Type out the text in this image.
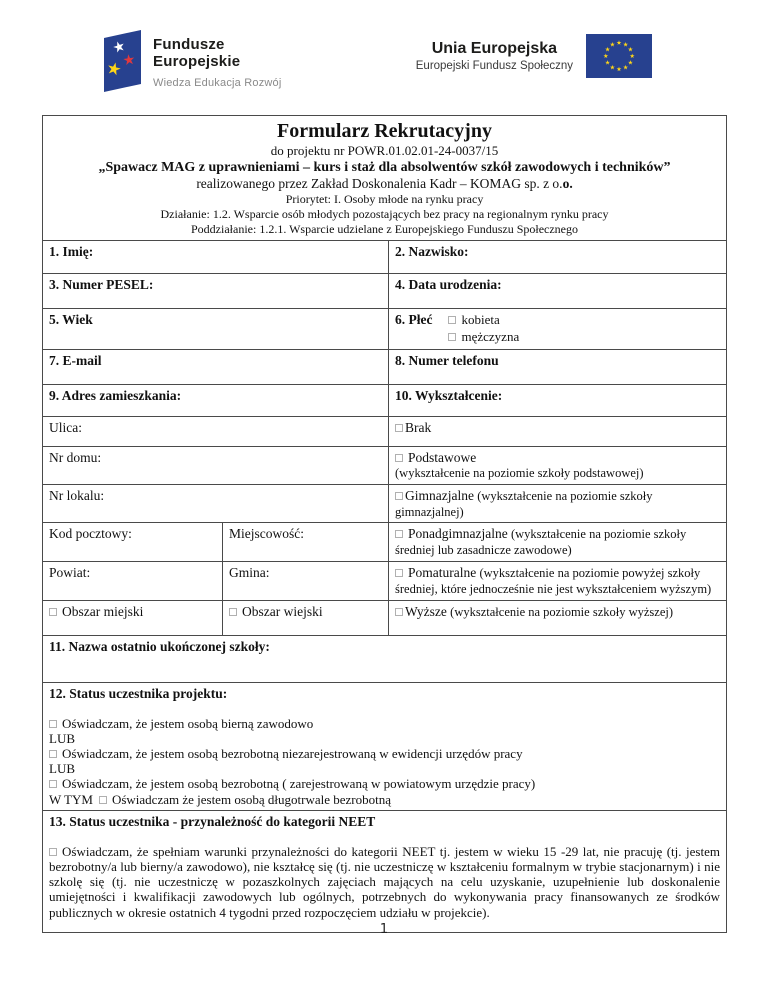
Fundusze
Europejskie
Wiedza Edukacja Rozwój
Unia Europejska
Europejski Fundusz Społeczny
Formularz Rekrutacyjny
do projektu nr POWR.01.02.01-24-0037/15
„Spawacz MAG z uprawnieniami – kurs i staż dla absolwentów szkół zawodowych i techników”
realizowanego przez Zakład Doskonalenia Kadr – KOMAG sp. z o.o.
Priorytet: I. Osoby młode na rynku pracy
Działanie: 1.2. Wsparcie osób młodych pozostających bez pracy na regionalnym rynku pracy
Poddziałanie: 1.2.1. Wsparcie udzielane z Europejskiego Funduszu Społecznego

1. Imię:		2. Nazwisko:
3. Numer PESEL:		4. Data urodzenia:
5. Wiek		6. Płeć kobieta
mężczyzna

7. E-mail		8. Numer telefonu
9. Adres zamieszkania:		10. Wykształcenie:
Ulica:		Brak
Nr domu:		Podstawowe
(wykształcenie na poziomie szkoły podstawowej)

Nr lokalu:		Gimnazjalne (wykształcenie na poziomie szkoły gimnazjalnej)
Kod pocztowy:	Miejscowość:	Ponadgimnazjalne (wykształcenie na poziomie szkoły średniej lub zasadnicze zawodowe)
Powiat:	Gmina:	Pomaturalne (wykształcenie na poziomie powyżej szkoły średniej, które jednocześnie nie jest wykształceniem wyższym)
Obszar miejski	Obszar wiejski	Wyższe (wykształcenie na poziomie szkoły wyższej)
11. Nazwa ostatnio ukończonej szkoły:		

12. Status uczestnika projektu:
Oświadczam, że jestem osobą bierną zawodowo
LUB
Oświadczam, że jestem osobą bezrobotną niezarejestrowaną w ewidencji urzędów pracy
LUB
Oświadczam, że jestem osobą bezrobotną ( zarejestrowaną w powiatowym urzędzie pracy)
W TYM Oświadczam że jestem osobą długotrwale bezrobotną

13. Status uczestnika - przynależność do kategorii NEET
Oświadczam, że spełniam warunki przynależności do kategorii NEET tj. jestem w wieku 15 -29 lat, nie pracuję (tj. jestem bezrobotny/a lub bierny/a zawodowo), nie kształcę się (tj. nie uczestniczę w kształceniu formalnym w trybie stacjonarnym) i nie szkolę się (tj. nie uczestniczę w pozaszkolnych zajęciach mających na celu uzyskanie, uzupełnienie lub doskonalenie umiejętności i kwalifikacji zawodowych lub ogólnych, potrzebnych do wykonywania pracy finansowanych ze środków publicznych w okresie ostatnich 4 tygodni przed rozpoczęciem udziału w projekcie).		
1
